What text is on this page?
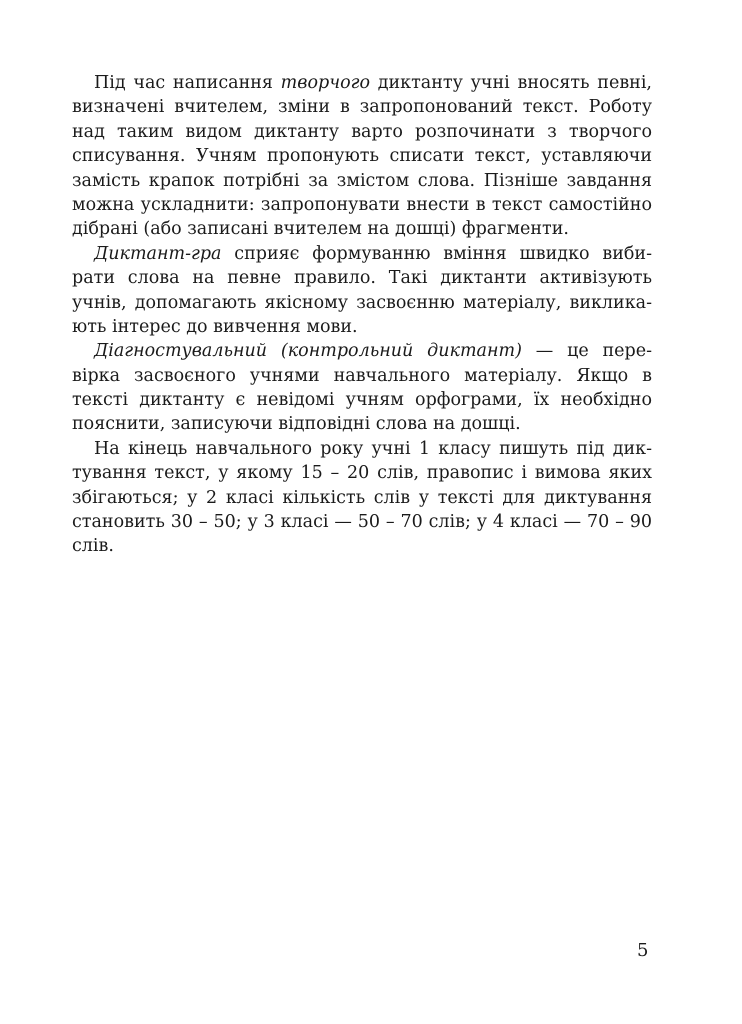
Під час написання творчого диктанту учні вносять певні,
визначені вчителем, зміни в запропонований текст. Роботу
над таким видом диктанту варто розпочинати з творчого
списування. Учням пропонують списати текст, уставляючи
замість крапок потрібні за змістом слова. Пізніше завдання
можна ускладнити: запропонувати внести в текст самостійно
дібрані (або записані вчителем на дошці) фрагменти.
Диктант-гра сприяє формуванню вміння швидко виби-
рати слова на певне правило. Такі диктанти активізують
учнів, допомагають якісному засвоєнню матеріалу, виклика-
ють інтерес до вивчення мови.
Діагностувальний (контрольний диктант) — це пере-
вірка засвоєного учнями навчального матеріалу. Якщо в
тексті диктанту є невідомі учням орфограми, їх необхідно
пояснити, записуючи відповідні слова на дошці.
На кінець навчального року учні 1 класу пишуть під дик-
тування текст, у якому 15 – 20 слів, правопис і вимова яких
збігаються; у 2 класі кількість слів у тексті для диктування
становить 30 – 50; у 3 класі — 50 – 70 слів; у 4 класі — 70 – 90
слів.
5
